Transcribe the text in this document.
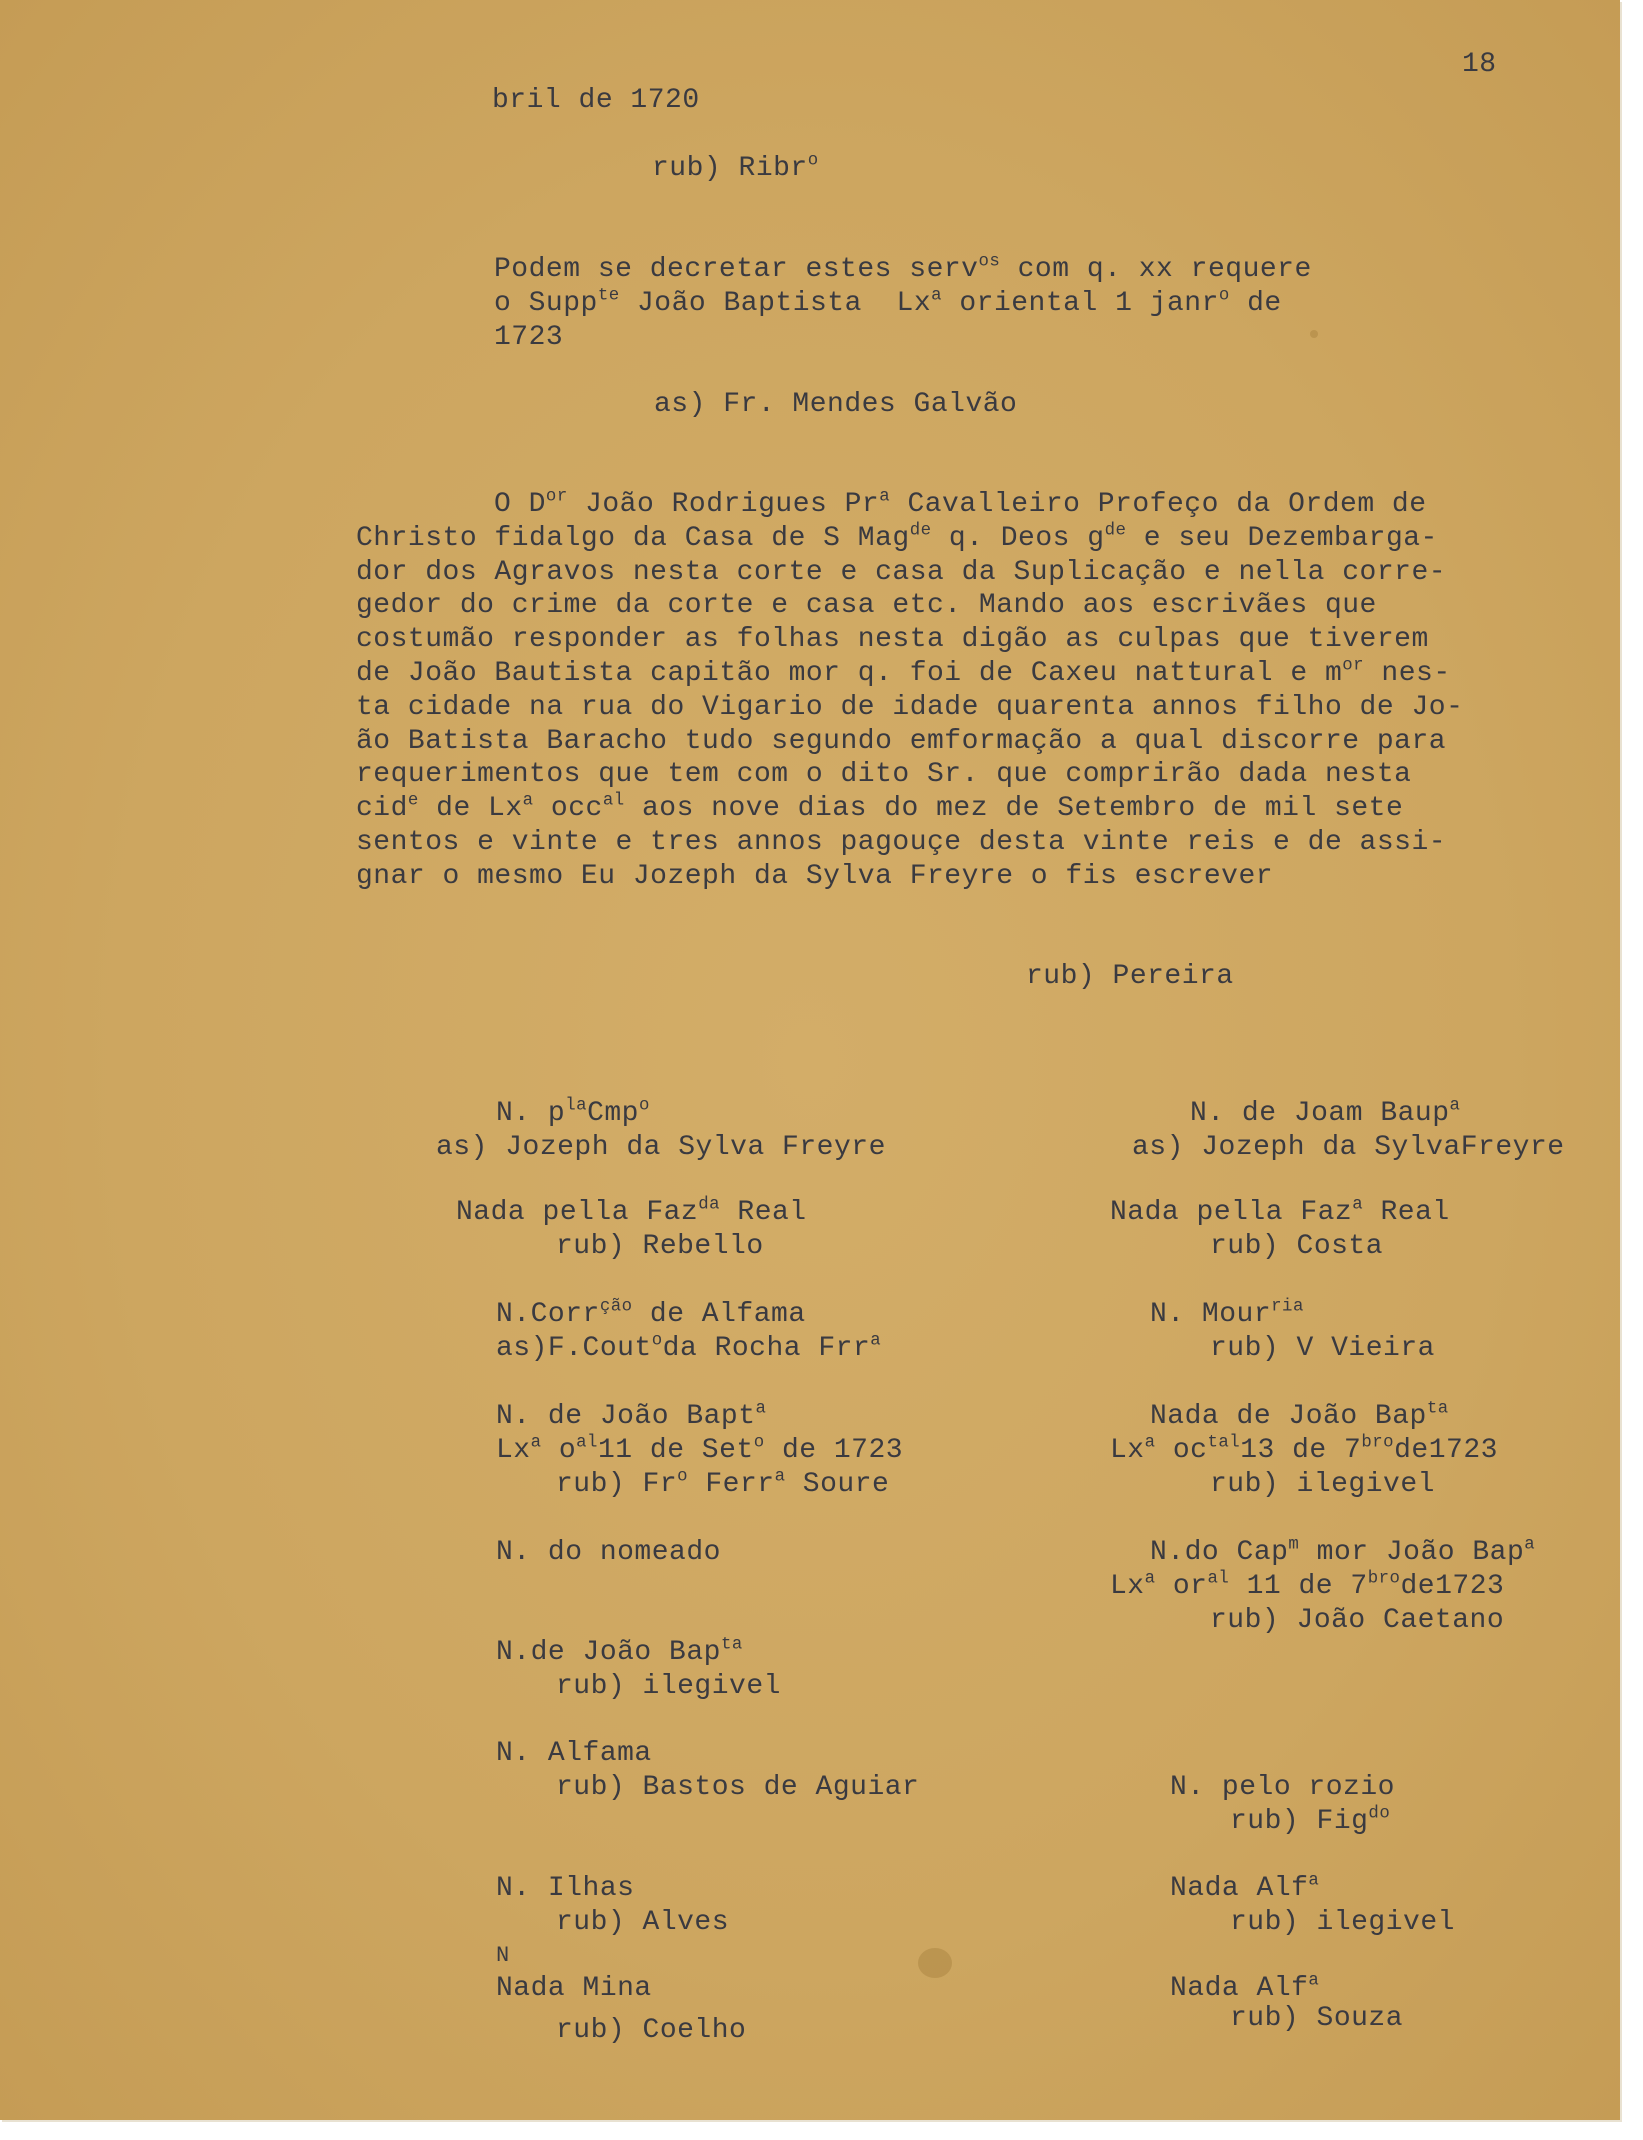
18

bril de 1720

rub) Ribr$^o$

Podem se decretar estes serv$^{os}$ com q. xx requere

o Supp$^{te}$ João Baptista  Lx$^a$ oriental 1 janr$^o$ de

1723

as) Fr. Mendes Galvão

O $D^{or}$ João Rodrigues Pr$^a$ Cavalleiro Profeço da Ordem de

Christo fidalgo da Casa de S Mag$^{de}$ q. Deos $g^{de}$ e seu Dezembarga-

dor dos Agravos nesta corte e casa da Suplicação e nella corre-

gedor do crime da corte e casa etc. Mando aos escrivães que

costumão responder as folhas nesta digão as culpas que tiverem

de João Bautista capitão mor q. foi de Caxeu nattural e $m^{or}$ nes-

ta cidade na rua do Vigario de idade quarenta annos filho de Jo-

ão Batista Baracho tudo segundo emformação a qual discorre para

requerimentos que tem com o dito Sr. que comprirão dada nesta

cid$^e$ de Lx$^a$ occ$^{al}$ aos nove dias do mez de Setembro de mil sete

sentos e vinte e tres annos pagouçe desta vinte reis e de assi-

gnar o mesmo Eu Jozeph da Sylva Freyre o fis escrever

rub) Pereira

N. $p^{la}Cmp^o$

as) Jozeph da Sylva Freyre

Nada pella Faz$^{da}$ Real

rub) Rebello

N.Corr$^{ção}$ de Alfama

as)F.Cout$^o$da Rocha Frr$^a$

N. de João Bapt$^a$

Lx$^a$ $o^{al}11$ de Set$^o$ de 1723

rub) Fr$^o$ Ferr$^a$ Soure

N. do nomeado

N.de João Bap$^{ta}$

rub) ilegivel

N. Alfama

rub) Bastos de Aguiar

N. Ilhas

rub) Alves

N

Nada Mina

rub) Coelho

N. de Joam Baup$^a$

as) Jozeph da SylvaFreyre

Nada pella Faz$^a$ Real

rub) Costa

N. Mour$^{ria}$

rub) V Vieira

Nada de João Bap$^{ta}$

Lx$^a$ $oc^{tal}13$ de $7^{bro}de1723$

rub) ilegivel

N.do Cap$^m$ mor João Bap$^a$

Lx$^a$ $or^{al}$ 11 de $7^{bro}de1723$

rub) João Caetano

N. pelo rozio

rub) Fig$^{do}$

Nada Alf$^a$

rub) ilegivel

Nada Alf$^a$

rub) Souza
